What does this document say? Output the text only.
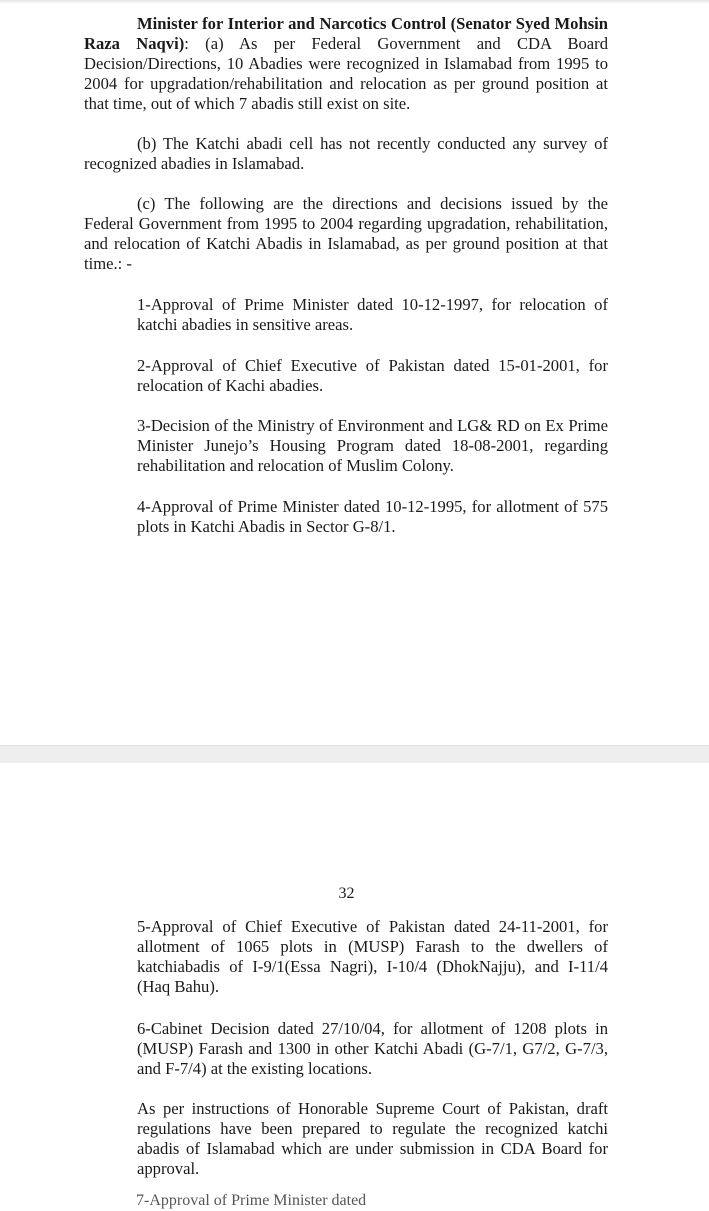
Minister for Interior and Narcotics Control (Senator Syed Mohsin Raza Naqvi): (a) As per Federal Government and CDA Board Decision/Directions, 10 Abadies were recognized in Islamabad from 1995 to 2004 for upgradation/rehabilitation and relocation as per ground position at that time, out of which 7 abadis still exist on site.

(b) The Katchi abadi cell has not recently conducted any survey of recognized abadies in Islamabad.

(c) The following are the directions and decisions issued by the Federal Government from 1995 to 2004 regarding upgradation, rehabilitation, and relocation of Katchi Abadis in Islamabad, as per ground position at that time.: -

1-Approval of Prime Minister dated 10-12-1997, for relocation of katchi abadies in sensitive areas.

2-Approval of Chief Executive of Pakistan dated 15-01-2001, for relocation of Kachi abadies.

3-Decision of the Ministry of Environment and LG& RD on Ex Prime Minister Junejo’s Housing Program dated 18-08-2001, regarding rehabilitation and relocation of Muslim Colony.

4-Approval of Prime Minister dated 10-12-1995, for allotment of 575 plots in Katchi Abadis in Sector G-8/1.

32

5-Approval of Chief Executive of Pakistan dated 24-11-2001, for allotment of 1065 plots in (MUSP) Farash to the dwellers of katchiabadis of I-9/1(Essa Nagri), I-10/4 (DhokNajju), and I-11/4 (Haq Bahu).

6-Cabinet Decision dated 27/10/04, for allotment of 1208 plots in (MUSP) Farash and 1300 in other Katchi Abadi (G-7/1, G7/2, G-7/3, and F-7/4) at the existing locations.

As per instructions of Honorable Supreme Court of Pakistan, draft regulations have been prepared to regulate the recognized katchi abadis of Islamabad which are under submission in CDA Board for approval.

7-Approval of Prime Minister dated
